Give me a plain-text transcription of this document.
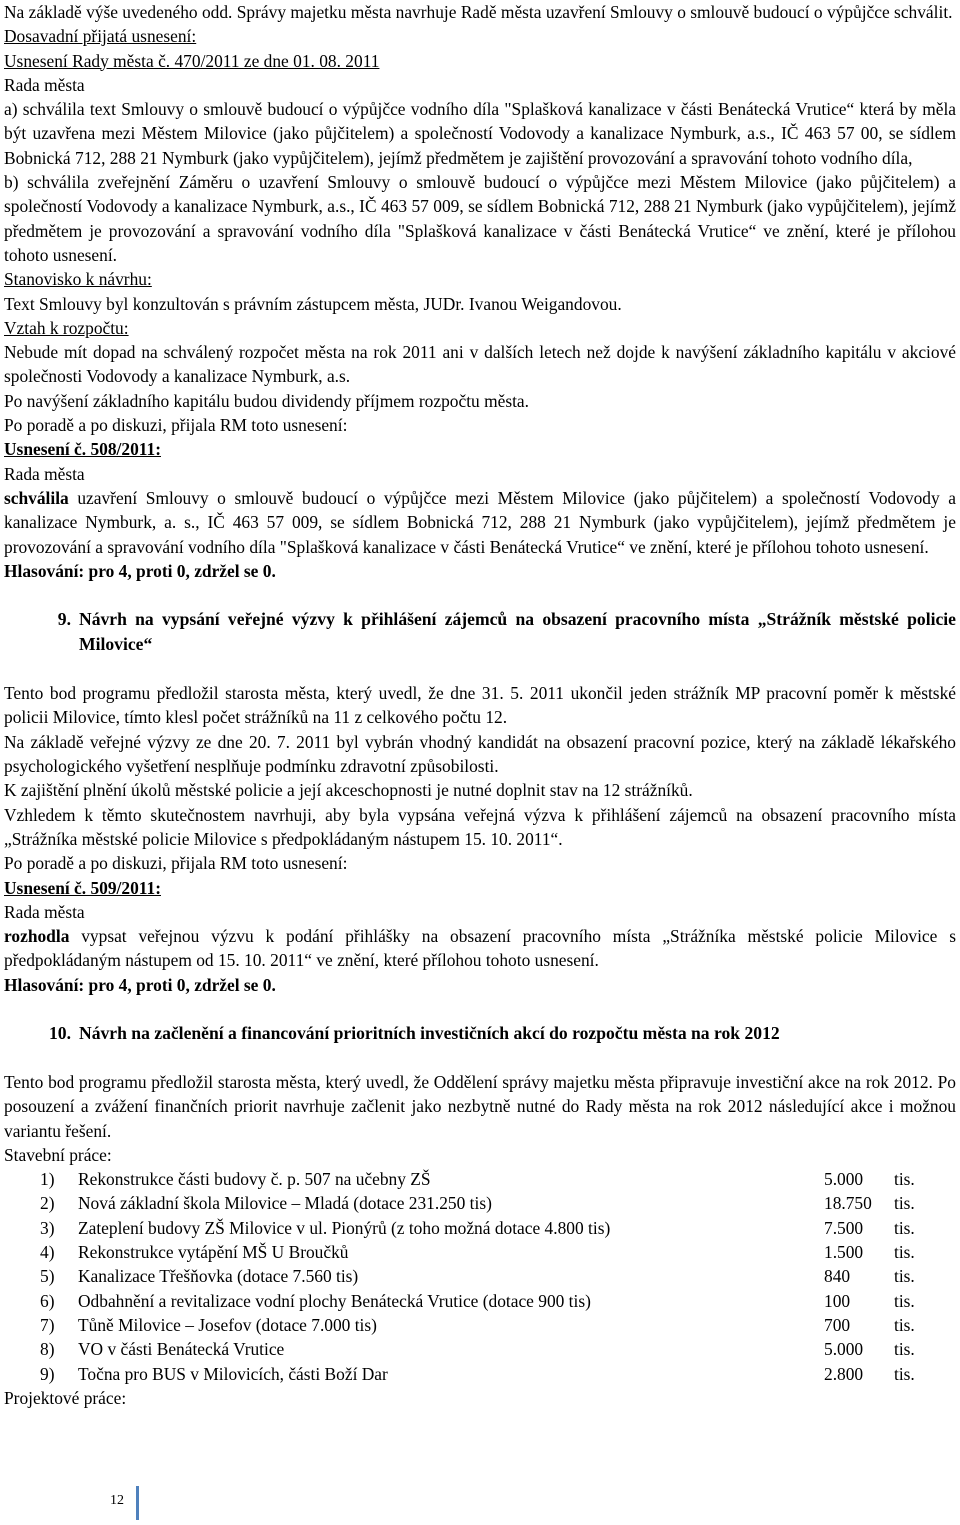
Na základě výše uvedeného odd. Správy majetku města navrhuje Radě města uzavření Smlouvy o smlouvě budoucí o výpůjčce schválit.

Dosavadní přijatá usnesení:

Usnesení Rady města č. 470/2011 ze dne 01. 08. 2011

Rada města

a) schválila text Smlouvy o smlouvě budoucí o výpůjčce vodního díla "Splašková kanalizace v části Benátecká Vrutice“ která by měla být uzavřena mezi Městem Milovice (jako půjčitelem) a společností Vodovody a kanalizace Nymburk, a.s., IČ 463 57 00, se sídlem Bobnická 712, 288 21 Nymburk (jako vypůjčitelem), jejímž předmětem je zajištění provozování a spravování tohoto vodního díla,

b) schválila zveřejnění Záměru o uzavření Smlouvy o smlouvě budoucí o výpůjčce mezi Městem Milovice (jako půjčitelem) a společností Vodovody a kanalizace Nymburk, a.s., IČ 463 57 009, se sídlem Bobnická 712, 288 21 Nymburk (jako vypůjčitelem), jejímž předmětem je provozování a spravování vodního díla "Splašková kanalizace v části Benátecká Vrutice“ ve znění, které je přílohou tohoto usnesení.

Stanovisko k návrhu:

Text Smlouvy byl konzultován s právním zástupcem města, JUDr. Ivanou Weigandovou.

Vztah k rozpočtu:

Nebude mít dopad na schválený rozpočet města na rok 2011 ani v dalších letech než dojde k navýšení základního kapitálu v akciové společnosti Vodovody a kanalizace Nymburk, a.s.

Po navýšení základního kapitálu budou dividendy příjmem rozpočtu města.

Po poradě a po diskuzi, přijala RM toto usnesení:

Usnesení č. 508/2011:

Rada města

schválila uzavření Smlouvy o smlouvě budoucí o výpůjčce mezi Městem Milovice (jako půjčitelem) a společností Vodovody a kanalizace Nymburk, a. s., IČ 463 57 009, se sídlem Bobnická 712, 288 21 Nymburk (jako vypůjčitelem), jejímž předmětem je provozování a spravování vodního díla "Splašková kanalizace v části Benátecká Vrutice“ ve znění, které je přílohou tohoto usnesení.

Hlasování: pro 4, proti 0, zdržel se 0.

9. Návrh na vypsání veřejné výzvy k přihlášení zájemců na obsazení pracovního místa „Strážník městské policie Milovice“

Tento bod programu předložil starosta města, který uvedl, že dne 31. 5. 2011 ukončil jeden strážník MP pracovní poměr k městské policii Milovice, tímto klesl počet strážníků na 11 z celkového počtu 12.

Na základě veřejné výzvy ze dne 20. 7. 2011 byl vybrán vhodný kandidát na obsazení pracovní pozice, který na základě lékařského psychologického vyšetření nesplňuje podmínku zdravotní způsobilosti.

K zajištění plnění úkolů městské policie a její akceschopnosti je nutné doplnit stav na 12 strážníků.

Vzhledem k těmto skutečnostem navrhuji, aby byla vypsána veřejná výzva k přihlášení zájemců na obsazení pracovního místa „Strážníka městské policie Milovice s předpokládaným nástupem 15. 10. 2011“.

Po poradě a po diskuzi, přijala RM toto usnesení:

Usnesení č. 509/2011:

Rada města

rozhodla vypsat veřejnou výzvu k podání přihlášky na obsazení pracovního místa „Strážníka městské policie Milovice s předpokládaným nástupem od 15. 10. 2011“ ve znění, které přílohou tohoto usnesení.

Hlasování: pro 4, proti 0, zdržel se 0.

10. Návrh na začlenění a financování prioritních investičních akcí do rozpočtu města na rok 2012

Tento bod programu předložil starosta města, který uvedl, že Oddělení správy majetku města připravuje investiční akce na rok 2012. Po posouzení a zvážení finančních priorit navrhuje začlenit jako nezbytně nutné do Rady města na rok 2012 následující akce i možnou variantu řešení.

Stavební práce:

1)	Rekonstrukce části budovy č. p. 507 na učebny ZŠ	5.000	tis.
2)	Nová základní škola Milovice – Mladá (dotace 231.250 tis)	18.750	tis.
3)	Zateplení budovy ZŠ Milovice v ul. Pionýrů (z toho možná dotace 4.800 tis)	7.500	tis.
4)	Rekonstrukce vytápění MŠ U Broučků	1.500	tis.
5)	Kanalizace Třešňovka (dotace 7.560 tis)	840	tis.
6)	Odbahnění a revitalizace vodní plochy Benátecká Vrutice (dotace 900 tis)	100	tis.
7)	Tůně Milovice – Josefov (dotace 7.000 tis)	700	tis.
8)	VO v části Benátecká Vrutice	5.000	tis.
9)	Točna pro BUS v Milovicích, části Boží Dar	2.800	tis.

Projektové práce:

12
